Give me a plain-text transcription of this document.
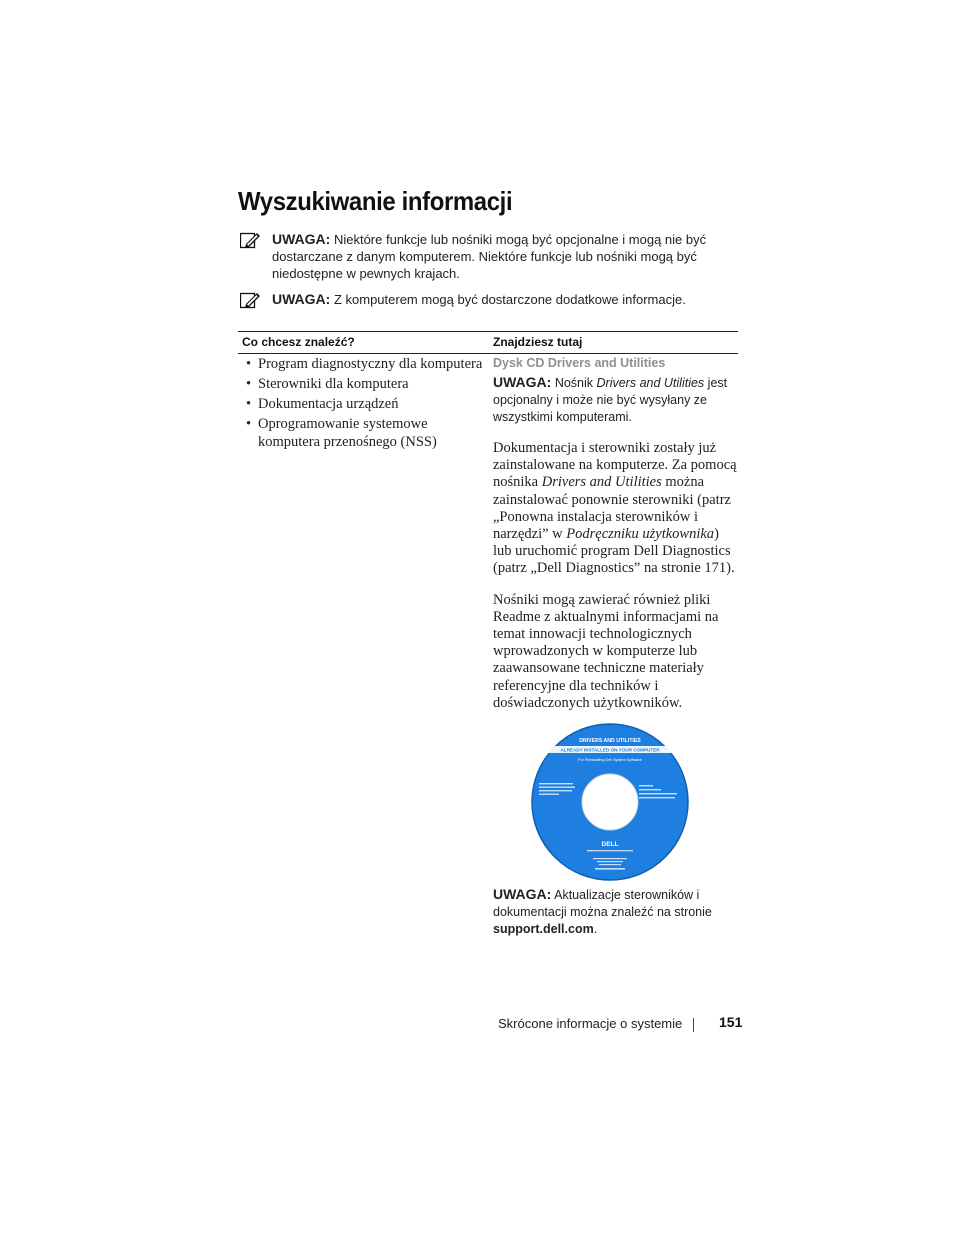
Wyszukiwanie informacji
UWAGA: Niektóre funkcje lub nośniki mogą być opcjonalne i mogą nie być dostarczane z danym komputerem. Niektóre funkcje lub nośniki mogą być niedostępne w pewnych krajach.
UWAGA: Z komputerem mogą być dostarczone dodatkowe informacje.
Co chcesz znaleźć?	Znajdziesz tutaj
• Program diagnostyczny dla komputera
• Sterowniki dla komputera
• Dokumentacja urządzeń
• Oprogramowanie systemowe komputera przenośnego (NSS)

Dysk CD Drivers and Utilities

UWAGA: Nośnik Drivers and Utilities jest opcjonalny i może nie być wysyłany ze wszystkimi komputerami.

Dokumentacja i sterowniki zostały już zainstalowane na komputerze. Za pomocą nośnika Drivers and Utilities można zainstalować ponownie sterowniki (patrz „Ponowna instalacja sterowników i narzędzi” w Podręczniku użytkownika) lub uruchomić program Dell Diagnostics (patrz „Dell Diagnostics” na stronie 171).

Nośniki mogą zawierać również pliki Readme z aktualnymi informacjami na temat innowacji technologicznych wprowadzonych w komputerze lub zaawansowane techniczne materiały referencyjne dla techników i doświadczonych użytkowników.

DRIVERS AND UTILITIES
ALREADY INSTALLED ON YOUR COMPUTER
For Reinstalling Dell System Software
DELL

UWAGA: Aktualizacje sterowników i dokumentacji można znaleźć na stronie support.dell.com.

Skrócone informacje o systemie	151
